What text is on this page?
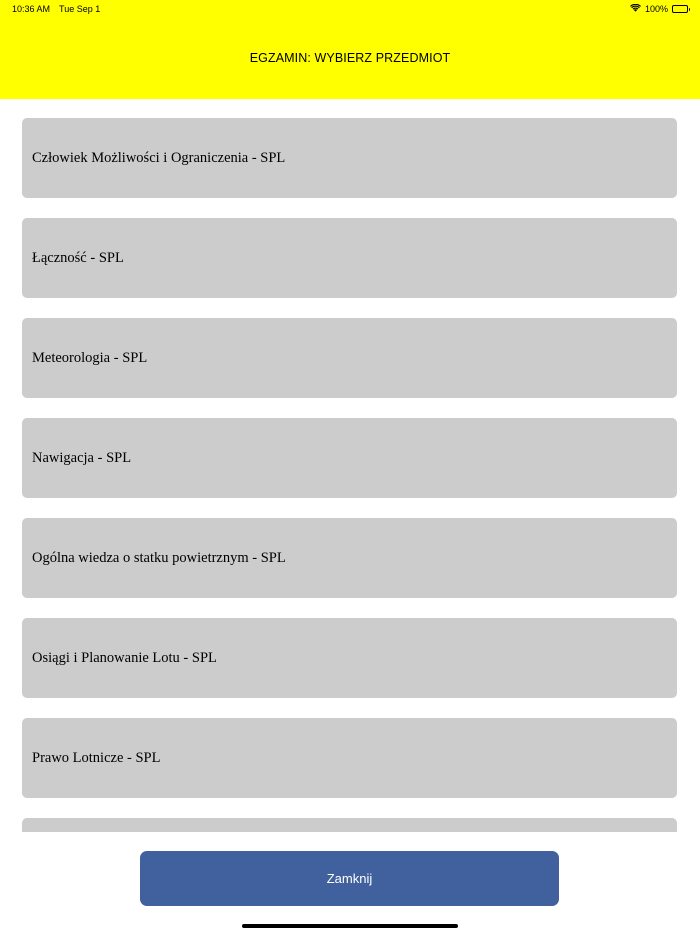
10:36 AM Tue Sep 1	100%
EGZAMIN: WYBIERZ PRZEDMIOT
Człowiek Możliwości i Ograniczenia - SPL
Łączność - SPL
Meteorologia - SPL
Nawigacja - SPL
Ogólna wiedza o statku powietrznym - SPL
Osiągi i Planowanie Lotu - SPL
Prawo Lotnicze - SPL
Zamknij
